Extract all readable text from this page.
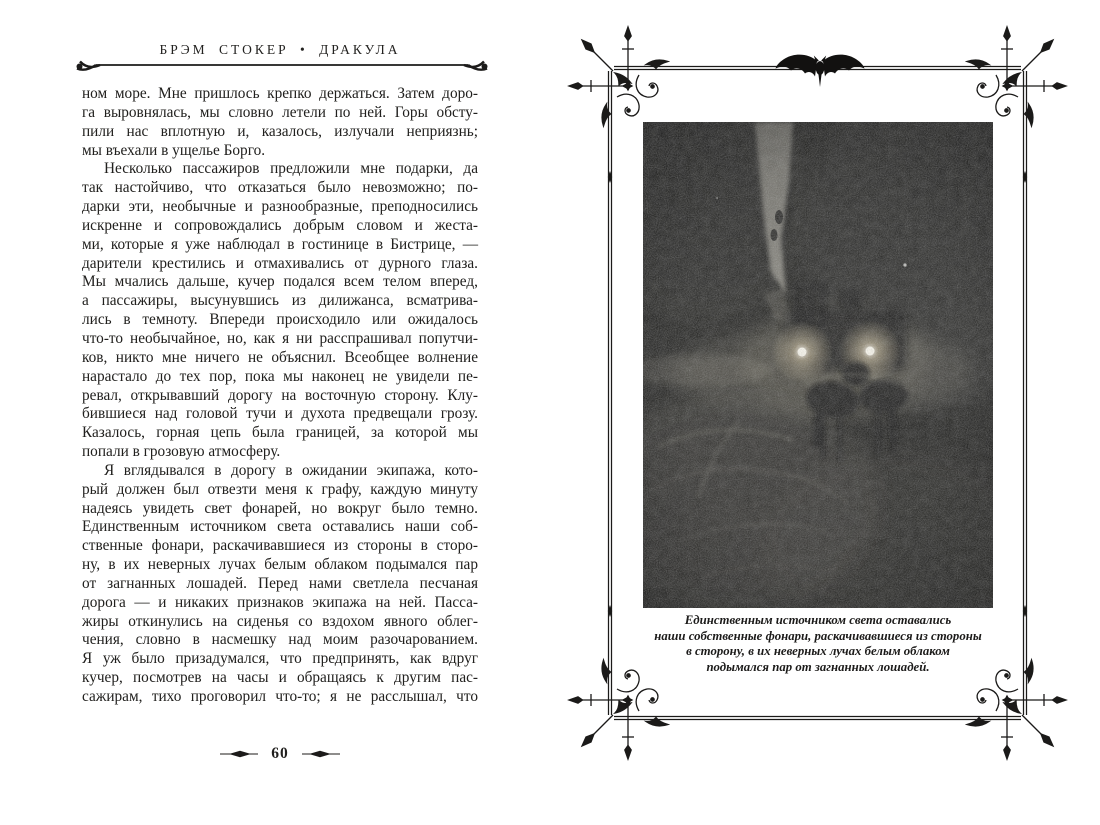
БРЭМ СТОКЕР • ДРАКУЛА
ном море. Мне пришлось крепко держаться. Затем доро-
га выровнялась, мы словно летели по ней. Горы обсту-
пили нас вплотную и, казалось, излучали неприязнь;
мы въехали в ущелье Борго.
Несколько пассажиров предложили мне подарки, да
так настойчиво, что отказаться было невозможно; по-
дарки эти, необычные и разнообразные, преподносились
искренне и сопровождались добрым словом и жеста-
ми, которые я уже наблюдал в гостинице в Бистрице, —
дарители крестились и отмахивались от дурного глаза.
Мы мчались дальше, кучер подался всем телом вперед,
а пассажиры, высунувшись из дилижанса, всматрива-
лись в темноту. Впереди происходило или ожидалось
что-то необычайное, но, как я ни расспрашивал попутчи-
ков, никто мне ничего не объяснил. Всеобщее волнение
нарастало до тех пор, пока мы наконец не увидели пе-
ревал, открывавший дорогу на восточную сторону. Клу-
бившиеся над головой тучи и духота предвещали грозу.
Казалось, горная цепь была границей, за которой мы
попали в грозовую атмосферу.
Я вглядывался в дорогу в ожидании экипажа, кото-
рый должен был отвезти меня к графу, каждую минуту
надеясь увидеть свет фонарей, но вокруг было темно.
Единственным источником света оставались наши соб-
ственные фонари, раскачивавшиеся из стороны в сторо-
ну, в их неверных лучах белым облаком подымался пар
от загнанных лошадей. Перед нами светлела песчаная
дорога — и никаких признаков экипажа на ней. Пасса-
жиры откинулись на сиденья со вздохом явного облег-
чения, словно в насмешку над моим разочарованием.
Я уж было призадумался, что предпринять, как вдруг
кучер, посмотрев на часы и обращаясь к другим пас-
сажирам, тихо проговорил что-то; я не расслышал, что
60
Единственным источником света оставались
наши собственные фонари, раскачивавшиеся из стороны
в сторону, в их неверных лучах белым облаком
подымался пар от загнанных лошадей.
